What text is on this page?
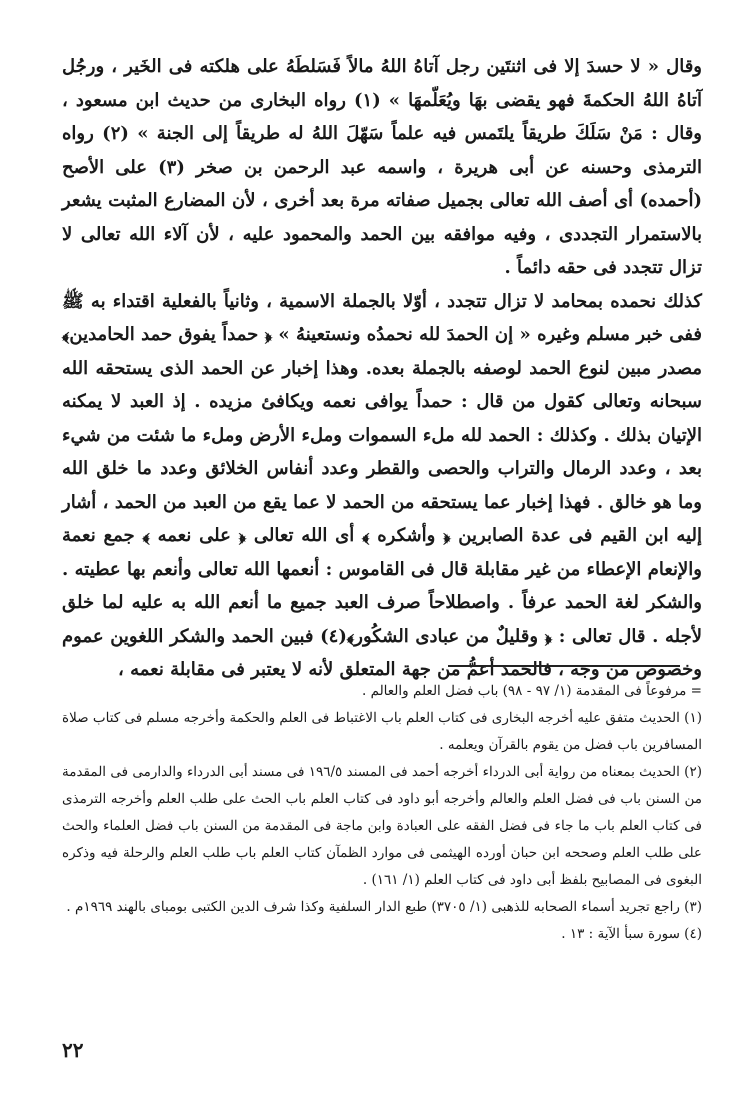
وقال « لا حسدَ إلا فى اثنتَين رجل آتاهُ اللهُ مالاً فَسَلطَهُ على هلكته فى الخَير ، ورجُل آتاهُ اللهُ الحكمةَ فهو يقضى بهَا ويُعَلّمهَا » (١) رواه البخارى من حديث ابن مسعود ، وقال : مَنْ سَلَكَ طريقاً يلتَمس فيه علماً سَهّلَ اللهُ له طريقاً إلى الجنة » (٢) رواه الترمذى وحسنه عن أبى هريرة ، واسمه عبد الرحمن بن صخر (٣) على الأصح (أحمده) أى أصف الله تعالى بجميل صفاته مرة بعد أخرى ، لأن المضارع المثبت يشعر بالاستمرار التجددى ، وفيه موافقه بين الحمد والمحمود عليه ، لأن آلاء الله تعالى لا تزال تتجدد فى حقه دائماً .

كذلك نحمده بمحامد لا تزال تتجدد ، أوّلا بالجملة الاسمية ، وثانياً بالفعلية اقتداء به ﷺ ففى خبر مسلم وغيره « إن الحمدَ لله نحمدُه ونستعينهُ » ﴿ حمداً يفوق حمد الحامدين﴾ مصدر مبين لنوع الحمد لوصفه بالجملة بعده. وهذا إخبار عن الحمد الذى يستحقه الله سبحانه وتعالى كقول من قال : حمداً يوافى نعمه ويكافئ مزيده . إذ العبد لا يمكنه الإتيان بذلك . وكذلك : الحمد لله ملء السموات وملء الأرض وملء ما شئت من شيء بعد ، وعدد الرمال والتراب والحصى والقطر وعدد أنفاس الخلائق وعدد ما خلق الله وما هو خالق . فهذا إخبار عما يستحقه من الحمد لا عما يقع من العبد من الحمد ، أشار إليه ابن القيم فى عدة الصابرين ﴿ وأشكره ﴾ أى الله تعالى ﴿ على نعمه ﴾ جمع نعمة والإنعام الإعطاء من غير مقابلة قال فى القاموس : أنعمها الله تعالى وأنعم بها عطيته . والشكر لغة الحمد عرفاً . واصطلاحاً صرف العبد جميع ما أنعم الله به عليه لما خلق لأجله . قال تعالى : ﴿ وقليلٌ من عبادى الشكُور﴾(٤) فبين الحمد والشكر اللغوين عموم وخصوص من وجه ، فالحمد أعمُّ من جهة المتعلق لأنه لا يعتبر فى مقابلة نعمه ،

= مرفوعاً فى المقدمة (١/ ٩٧ - ٩٨) باب فضل العلم والعالم .

(١) الحديث متفق عليه أخرجه البخارى فى كتاب العلم باب الاغتباط فى العلم والحكمة وأخرجه مسلم فى كتاب صلاة المسافرين باب فضل من يقوم بالقرآن ويعلمه .

(٢) الحديث بمعناه من رواية أبى الدرداء أخرجه أحمد فى المسند ١٩٦/٥ فى مسند أبى الدرداء والدارمى فى المقدمة من السنن باب فى فضل العلم والعالم وأخرجه أبو داود فى كتاب العلم باب الحث على طلب العلم وأخرجه الترمذى فى كتاب العلم باب ما جاء فى فضل الفقه على العبادة وابن ماجة فى المقدمة من السنن باب فضل العلماء والحث على طلب العلم وصححه ابن حبان أورده الهيثمى فى موارد الظمآن كتاب العلم باب طلب العلم والرحلة فيه وذكره البغوى فى المصابيح بلفظ أبى داود فى كتاب العلم (١/ ١٦١) .

(٣) راجع تجريد أسماء الصحابه للذهبى (١/ ٣٧٠٥) طبع الدار السلفية وكذا شرف الدين الكتبى بومباى بالهند ١٩٦٩م .

(٤) سورة سبأ الآية : ١٣ .

٢٢
